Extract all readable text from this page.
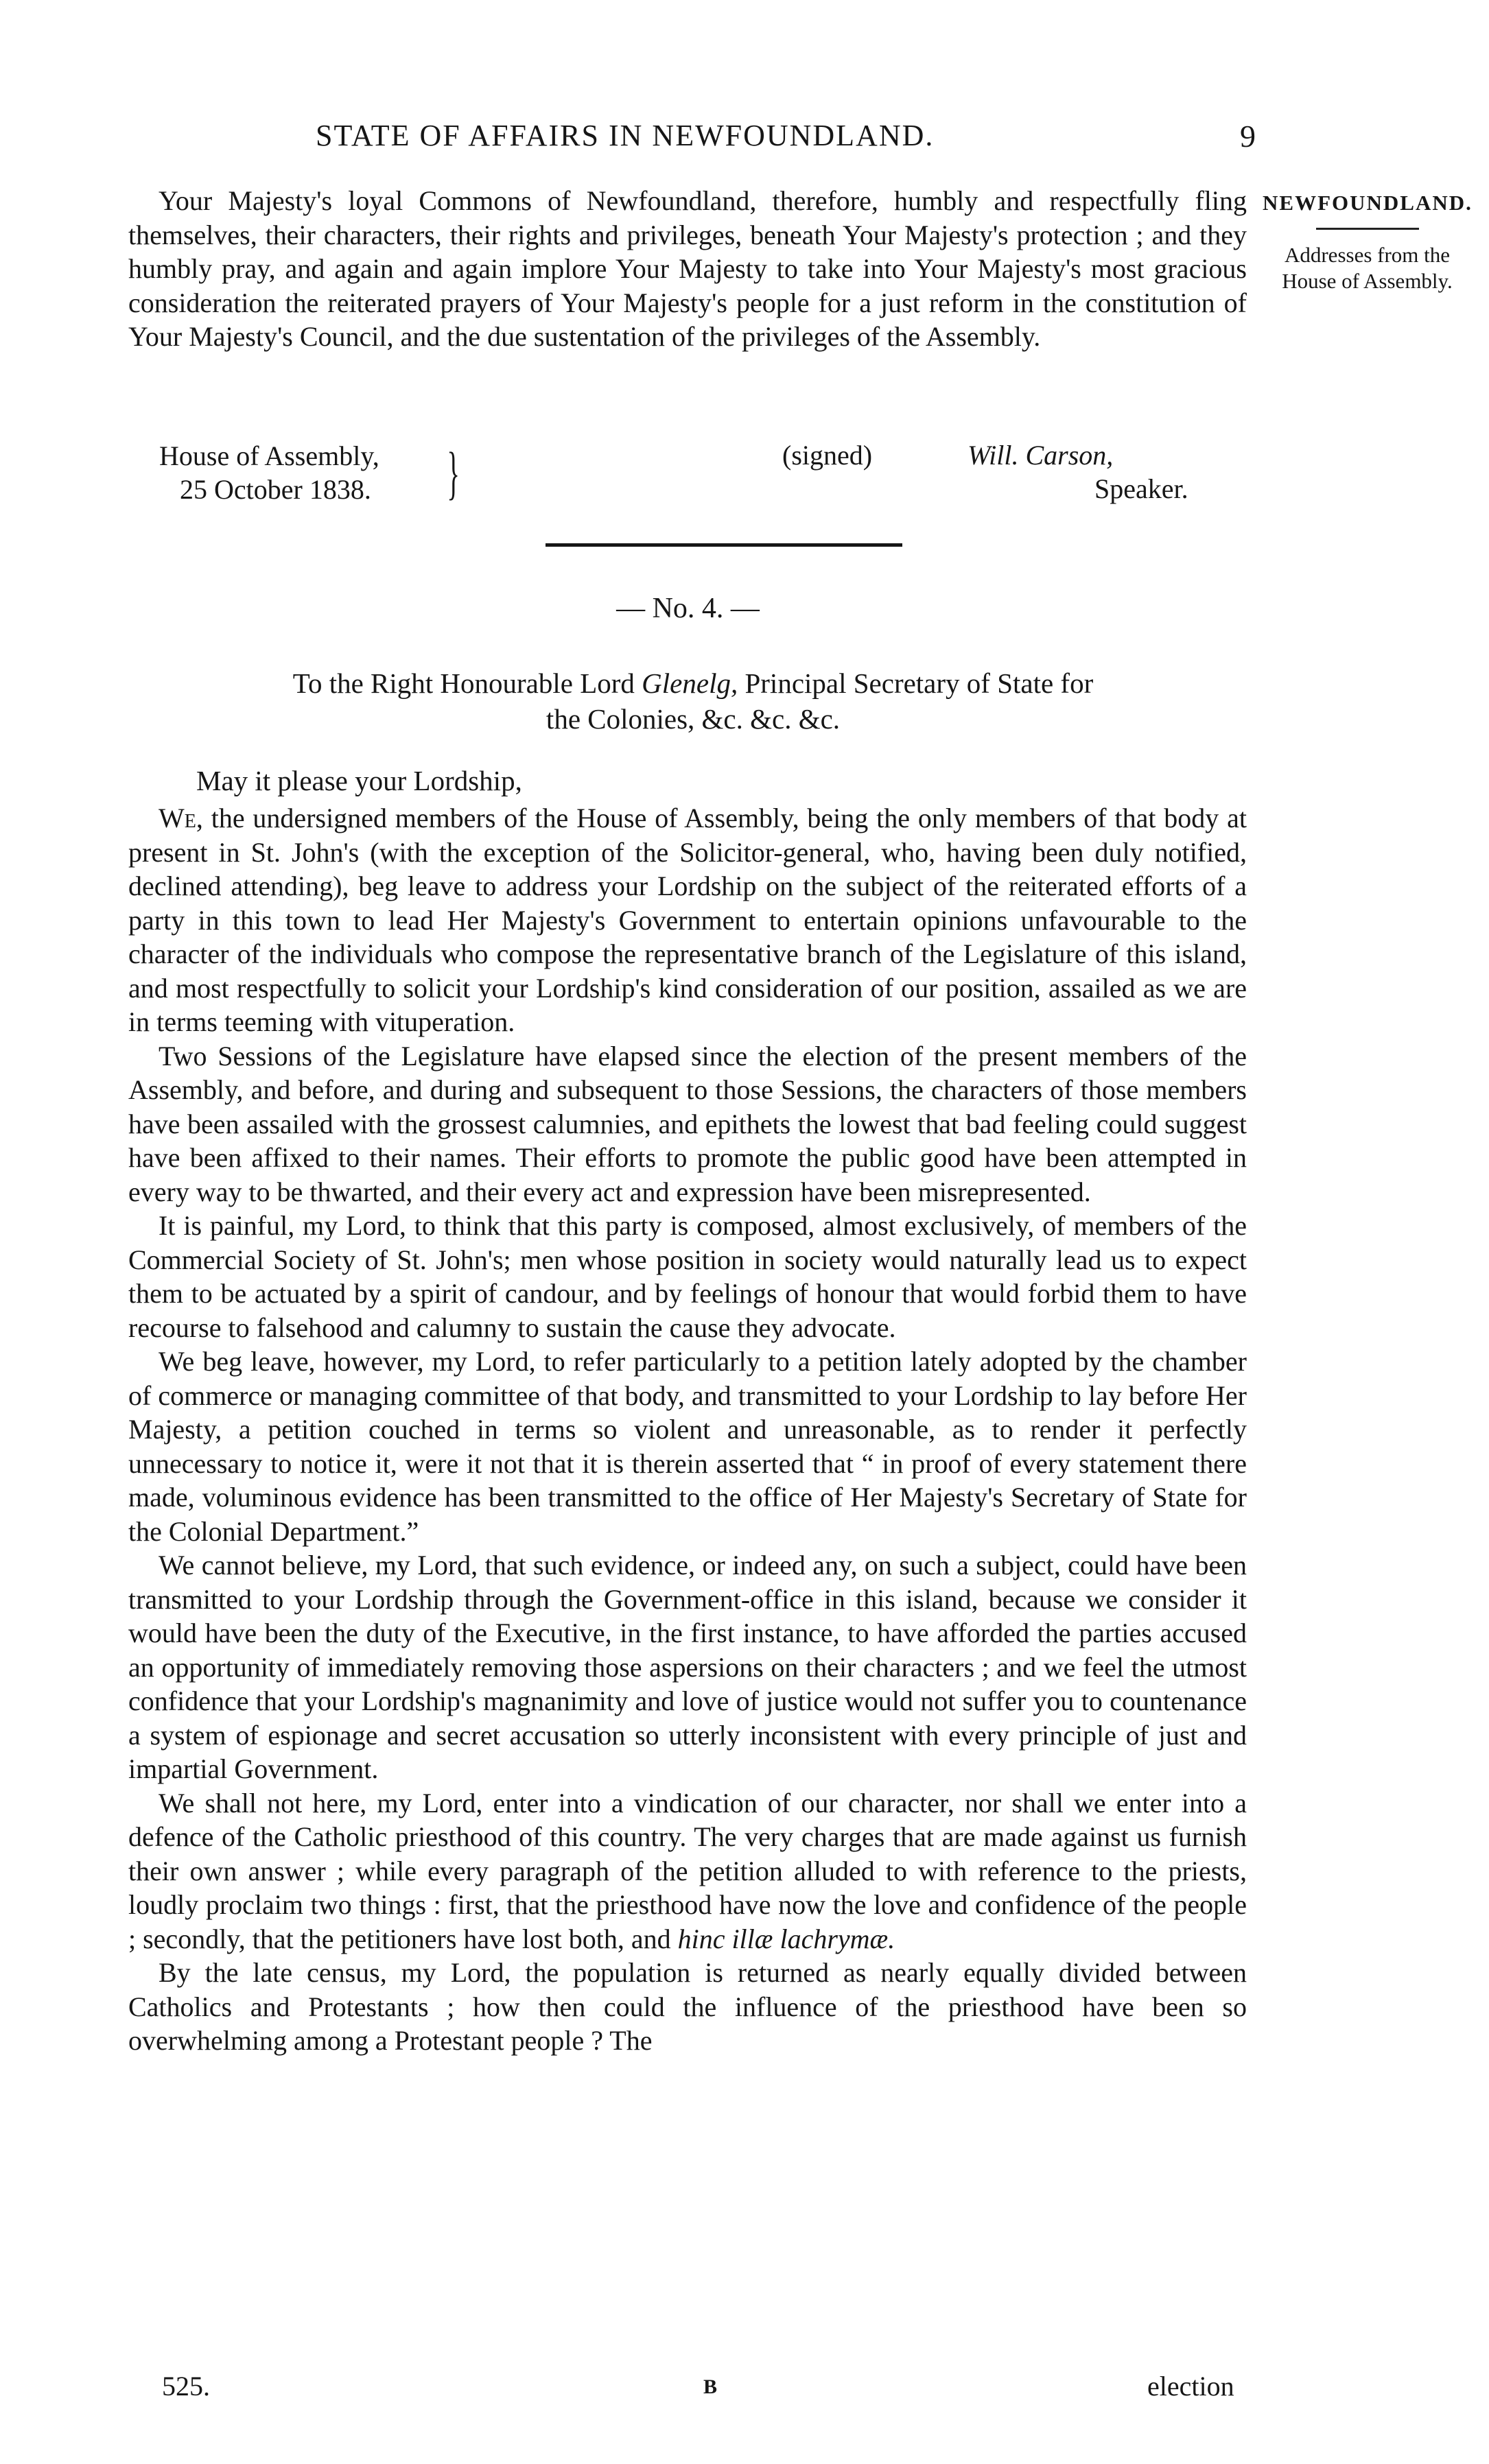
STATE OF AFFAIRS IN NEWFOUNDLAND.	9
NEWFOUNDLAND.
Addresses from the
House of Assembly.

Your Majesty's loyal Commons of Newfoundland, therefore, humbly and respectfully fling themselves, their characters, their rights and privileges, beneath Your Majesty's protection ; and they humbly pray, and again and again implore Your Majesty to take into Your Majesty's most gracious consideration the reiterated prayers of Your Majesty's people for a just reform in the constitution of Your Majesty's Council, and the due sustentation of the privileges of the Assembly.

House of Assembly,
25 October 1838. }	(signed)	Will. Carson,
Speaker.
— No. 4. —

To the Right Honourable Lord Glenelg, Principal Secretary of State for

the Colonies, &c. &c. &c.

May it please your Lordship,

We, the undersigned members of the House of Assembly, being the only members of that body at present in St. John's (with the exception of the Solicitor-general, who, having been duly notified, declined attending), beg leave to address your Lordship on the subject of the reiterated efforts of a party in this town to lead Her Majesty's Government to entertain opinions unfavourable to the character of the individuals who compose the representative branch of the Legislature of this island, and most respectfully to solicit your Lordship's kind consideration of our position, assailed as we are in terms teeming with vituperation.

Two Sessions of the Legislature have elapsed since the election of the present members of the Assembly, and before, and during and subsequent to those Sessions, the characters of those members have been assailed with the grossest calumnies, and epithets the lowest that bad feeling could suggest have been affixed to their names. Their efforts to promote the public good have been attempted in every way to be thwarted, and their every act and expression have been misrepresented.

It is painful, my Lord, to think that this party is composed, almost exclusively, of members of the Commercial Society of St. John's; men whose position in society would naturally lead us to expect them to be actuated by a spirit of candour, and by feelings of honour that would forbid them to have recourse to falsehood and calumny to sustain the cause they advocate.

We beg leave, however, my Lord, to refer particularly to a petition lately adopted by the chamber of commerce or managing committee of that body, and transmitted to your Lordship to lay before Her Majesty, a petition couched in terms so violent and unreasonable, as to render it perfectly unnecessary to notice it, were it not that it is therein asserted that “ in proof of every statement there made, voluminous evidence has been transmitted to the office of Her Majesty's Secretary of State for the Colonial Department.”

We cannot believe, my Lord, that such evidence, or indeed any, on such a subject, could have been transmitted to your Lordship through the Government-office in this island, because we consider it would have been the duty of the Executive, in the first instance, to have afforded the parties accused an opportunity of immediately removing those aspersions on their characters ; and we feel the utmost confidence that your Lordship's magnanimity and love of justice would not suffer you to countenance a system of espionage and secret accusation so utterly inconsistent with every principle of just and impartial Government.

We shall not here, my Lord, enter into a vindication of our character, nor shall we enter into a defence of the Catholic priesthood of this country. The very charges that are made against us furnish their own answer ; while every paragraph of the petition alluded to with reference to the priests, loudly proclaim two things : first, that the priesthood have now the love and confidence of the people ; secondly, that the petitioners have lost both, and hinc illæ lachrymæ.

By the late census, my Lord, the population is returned as nearly equally divided between Catholics and Protestants ; how then could the influence of the priesthood have been so overwhelming among a Protestant people ? The

525.	B	election
